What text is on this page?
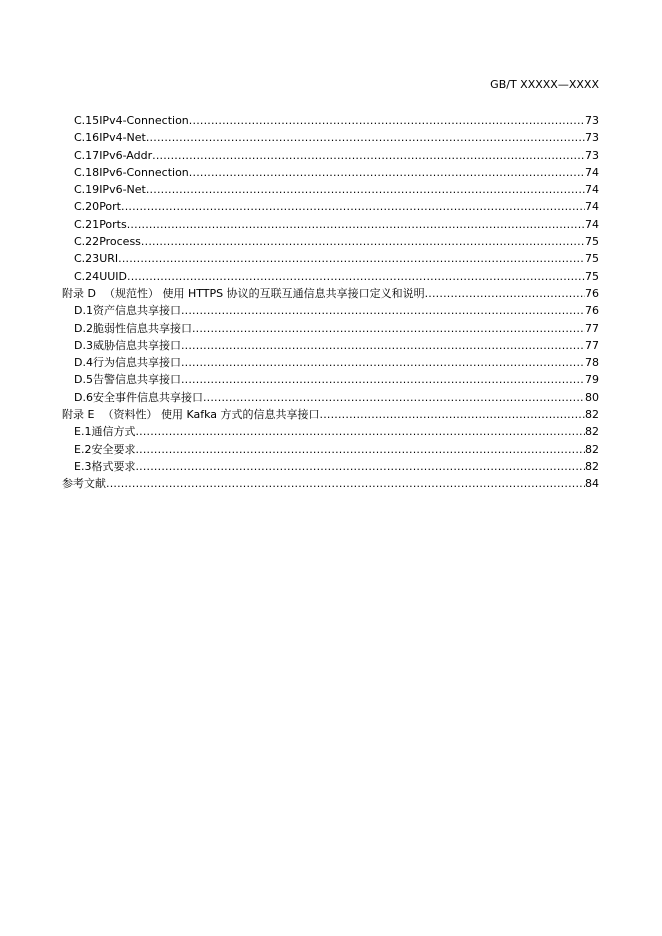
GB/T XXXXX—XXXX
C.15 IPv4-Connection .....	73
C.16 IPv4-Net .....	73
C.17 IPv6-Addr .....	73
C.18 IPv6-Connection .....	74
C.19 IPv6-Net .....	74
C.20 Port .....	74
C.21 Ports .....	74
C.22 Process .....	75
C.23 URI .....	75
C.24 UUID .....	75
附录 D （规范性） 使用 HTTPS 协议的互联互通信息共享接口定义和说明 .....	76
D.1 资产信息共享接口 .....	76
D.2 脆弱性信息共享接口 .....	77
D.3 威胁信息共享接口 .....	77
D.4 行为信息共享接口 .....	78
D.5 告警信息共享接口 .....	79
D.6 安全事件信息共享接口 .....	80
附录 E （资料性） 使用 Kafka 方式的信息共享接口 .....	82
E.1 通信方式 .....	82
E.2 安全要求 .....	82
E.3 格式要求 .....	82
参考文献 .....	84
